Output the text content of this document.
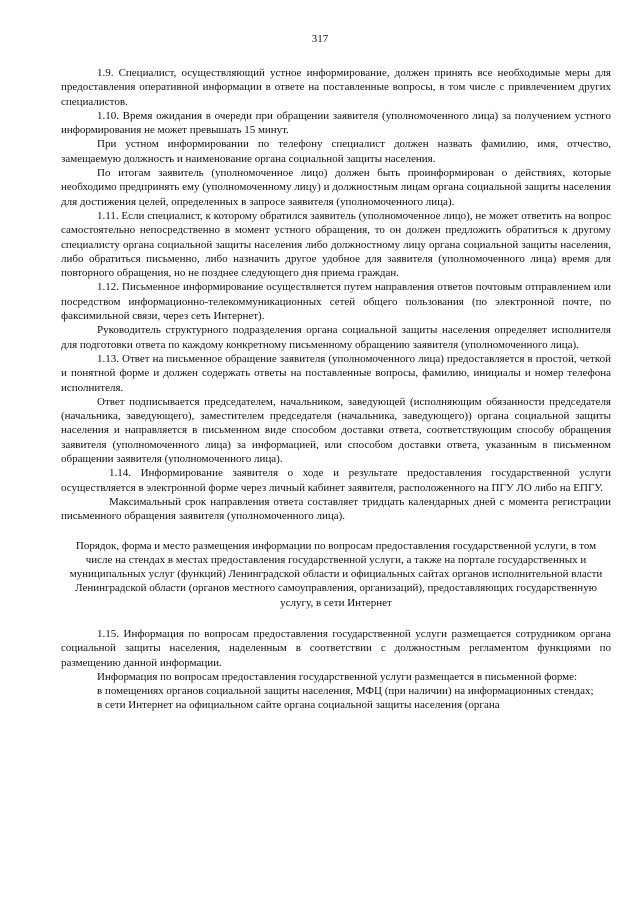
317

1.9. Специалист, осуществляющий устное информирование, должен принять все необходимые меры для предоставления оперативной информации в ответе на поставленные вопросы, в том числе с привлечением других специалистов.

1.10. Время ожидания в очереди при обращении заявителя (уполномоченного лица) за получением устного информирования не может превышать 15 минут.

При устном информировании по телефону специалист должен назвать фамилию, имя, отчество, замещаемую должность и наименование органа социальной защиты населения.

По итогам заявитель (уполномоченное лицо) должен быть проинформирован о действиях, которые необходимо предпринять ему (уполномоченному лицу) и должностным лицам органа социальной защиты населения для достижения целей, определенных в запросе заявителя (уполномоченного лица).

1.11. Если специалист, к которому обратился заявитель (уполномоченное лицо), не может ответить на вопрос самостоятельно непосредственно в момент устного обращения, то он должен предложить обратиться к другому специалисту органа социальной защиты населения либо должностному лицу органа социальной защиты населения, либо обратиться письменно, либо назначить другое удобное для заявителя (уполномоченного лица) время для повторного обращения, но не позднее следующего дня приема граждан.

1.12. Письменное информирование осуществляется путем направления ответов почтовым отправлением или посредством информационно-телекоммуникационных сетей общего пользования (по электронной почте, по факсимильной связи, через сеть Интернет).

Руководитель структурного подразделения органа социальной защиты населения определяет исполнителя для подготовки ответа по каждому конкретному письменному обращению заявителя (уполномоченного лица).

1.13. Ответ на письменное обращение заявителя (уполномоченного лица) предоставляется в простой, четкой и понятной форме и должен содержать ответы на поставленные вопросы, фамилию, инициалы и номер телефона исполнителя.

Ответ подписывается председателем, начальником, заведующей (исполняющим обязанности председателя (начальника, заведующего), заместителем председателя (начальника, заведующего)) органа социальной защиты населения и направляется в письменном виде способом доставки ответа, соответствующим способу обращения заявителя (уполномоченного лица) за информацией, или способом доставки ответа, указанным в письменном обращении заявителя (уполномоченного лица).

1.14. Информирование заявителя о ходе и результате предоставления государственной услуги осуществляется в электронной форме через личный кабинет заявителя, расположенного на ПГУ ЛО либо на ЕПГУ.

Максимальный срок направления ответа составляет тридцать календарных дней с момента регистрации письменного обращения заявителя (уполномоченного лица).

Порядок, форма и место размещения информации по вопросам предоставления государственной услуги, в том числе на стендах в местах предоставления государственной услуги, а также на портале государственных и муниципальных услуг (функций) Ленинградской области и официальных сайтах органов исполнительной власти Ленинградской области (органов местного самоуправления, организаций), предоставляющих государственную услугу, в сети Интернет

1.15. Информация по вопросам предоставления государственной услуги размещается сотрудником органа социальной защиты населения, наделенным в соответствии с должностным регламентом функциями по размещению данной информации.

Информация по вопросам предоставления государственной услуги размещается в письменной форме:

в помещениях органов социальной защиты населения, МФЦ (при наличии) на информационных стендах;

в сети Интернет на официальном сайте органа социальной защиты населения (органа
